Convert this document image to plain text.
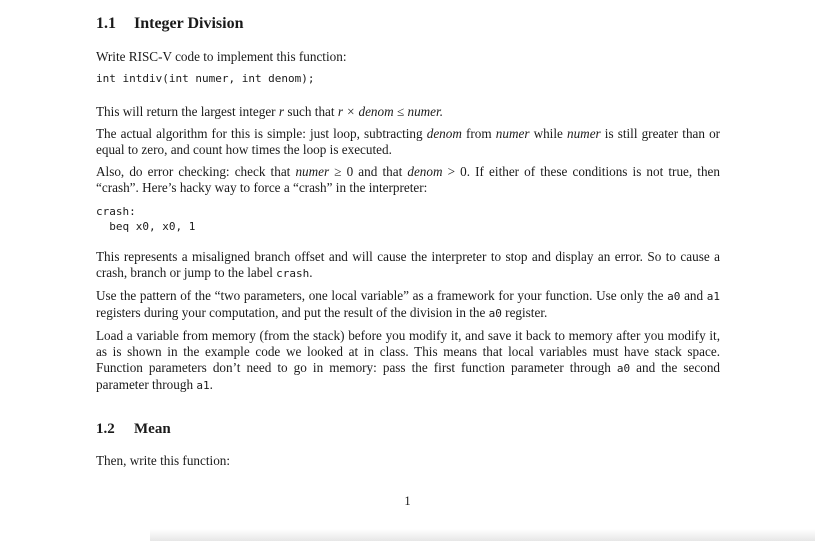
1.1 Integer Division

Write RISC-V code to implement this function:

int intdiv(int numer, int denom);

This will return the largest integer r such that r × denom ≤ numer.

The actual algorithm for this is simple: just loop, subtracting denom from numer while numer is still greater than or equal to zero, and count how times the loop is executed.

Also, do error checking: check that numer ≥ 0 and that denom > 0. If either of these conditions is not true, then “crash”. Here’s hacky way to force a “crash” in the interpreter:

crash:
beq x0, x0, 1

This represents a misaligned branch offset and will cause the interpreter to stop and display an error. So to cause a crash, branch or jump to the label crash.

Use the pattern of the “two parameters, one local variable” as a framework for your function. Use only the a0 and a1 registers during your computation, and put the result of the division in the a0 register.

Load a variable from memory (from the stack) before you modify it, and save it back to memory after you modify it, as is shown in the example code we looked at in class. This means that local variables must have stack space. Function parameters don’t need to go in memory: pass the first function parameter through a0 and the second parameter through a1.

1.2 Mean

Then, write this function:

1
